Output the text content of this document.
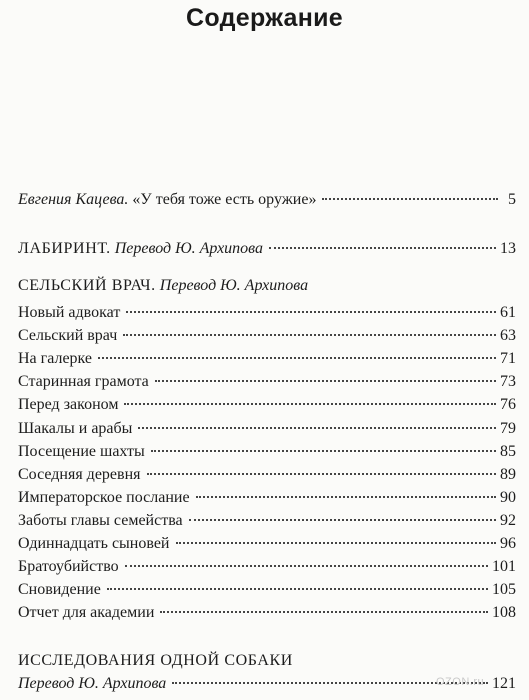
Содержание
Евгения Кацева. «У тебя тоже есть оружие»	5
ЛАБИРИНТ. Перевод Ю. Архипова	13
СЕЛЬСКИЙ ВРАЧ. Перевод Ю. Архипова
Новый адвокат	61
Сельский врач	63
На галерке	71
Старинная грамота	73
Перед законом	76
Шакалы и арабы	79
Посещение шахты	85
Соседняя деревня	89
Императорское послание	90
Заботы главы семейства	92
Одиннадцать сыновей	96
Братоубийство	101
Сновидение	105
Отчет для академии	108
ИССЛЕДОВАНИЯ ОДНОЙ СОБАКИ
Перевод Ю. Архипова	121
OZON.ru
